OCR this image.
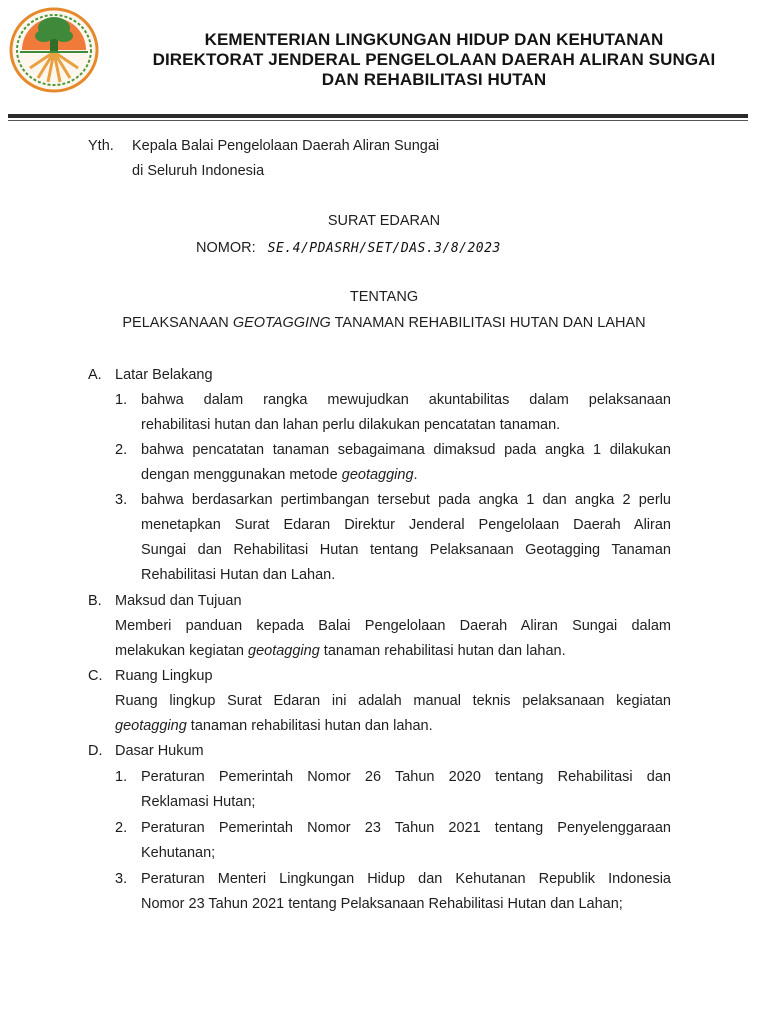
KEMENTERIAN LINGKUNGAN HIDUP DAN KEHUTANAN
DIREKTORAT JENDERAL PENGELOLAAN DAERAH ALIRAN SUNGAI
DAN REHABILITASI HUTAN
Yth. Kepala Balai Pengelolaan Daerah Aliran Sungai
di Seluruh Indonesia
SURAT EDARAN
NOMOR: SE.4/PDASRH/SET/DAS.3/8/2023
TENTANG
PELAKSANAAN GEOTAGGING TANAMAN REHABILITASI HUTAN DAN LAHAN
A. Latar Belakang
1. bahwa dalam rangka mewujudkan akuntabilitas dalam pelaksanaan
rehabilitasi hutan dan lahan perlu dilakukan pencatatan tanaman.
2. bahwa pencatatan tanaman sebagaimana dimaksud pada angka 1 dilakukan
dengan menggunakan metode geotagging.
3. bahwa berdasarkan pertimbangan tersebut pada angka 1 dan angka 2 perlu
menetapkan Surat Edaran Direktur Jenderal Pengelolaan Daerah Aliran
Sungai dan Rehabilitasi Hutan tentang Pelaksanaan Geotagging Tanaman
Rehabilitasi Hutan dan Lahan.
B. Maksud dan Tujuan
Memberi panduan kepada Balai Pengelolaan Daerah Aliran Sungai dalam
melakukan kegiatan geotagging tanaman rehabilitasi hutan dan lahan.
C. Ruang Lingkup
Ruang lingkup Surat Edaran ini adalah manual teknis pelaksanaan kegiatan
geotagging tanaman rehabilitasi hutan dan lahan.
D. Dasar Hukum
1. Peraturan Pemerintah Nomor 26 Tahun 2020 tentang Rehabilitasi dan
Reklamasi Hutan;
2. Peraturan Pemerintah Nomor 23 Tahun 2021 tentang Penyelenggaraan
Kehutanan;
3. Peraturan Menteri Lingkungan Hidup dan Kehutanan Republik Indonesia
Nomor 23 Tahun 2021 tentang Pelaksanaan Rehabilitasi Hutan dan Lahan;
